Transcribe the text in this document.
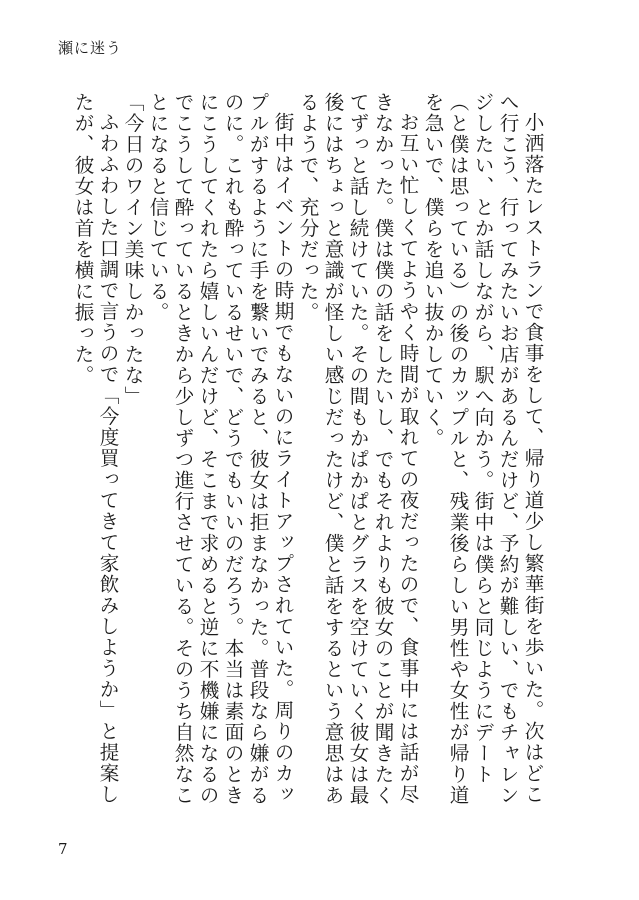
瀬に迷う

小洒落たレストランで食事をして、帰り道少し繁華街を歩いた。次はどこへ行こう、行ってみたいお店があるんだけど、予約が難しい、でもチャレンジしたい、とか話しながら、駅へ向かう。街中は僕らと同じようにデート（と僕は思っている）の後のカップルと、残業後らしい男性や女性が帰り道を急いで、僕らを追い抜かしていく。

お互い忙しくてようやく時間が取れての夜だったので、食事中には話が尽きなかった。僕は僕の話をしたいし、でもそれよりも彼女のことが聞きたくてずっと話し続けていた。その間もかぱかぱとグラスを空けていく彼女は最後にはちょっと意識が怪しい感じだったけど、僕と話をするという意思はあるようで、充分だった。

街中はイベントの時期でもないのにライトアップされていた。周りのカップルがするように手を繋いでみると、彼女は拒まなかった。普段なら嫌がるのに。これも酔っているせいで、どうでもいいのだろう。本当は素面のときにこうしてくれたら嬉しいんだけど、そこまで求めると逆に不機嫌になるのでこうして酔っているときから少しずつ進行させている。そのうち自然なことになると信じている。

「今日のワイン美味しかったな」

ふわふわした口調で言うので「今度買ってきて家飲みしようか」と提案したが、彼女は首を横に振った。

7
